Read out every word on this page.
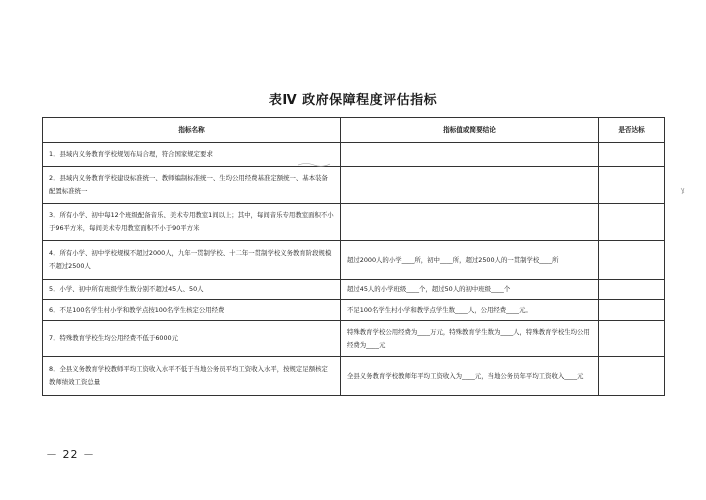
表Ⅳ 政府保障程度评估指标
指标名称	指标值或简要结论	是否达标
1．县域内义务教育学校规划布局合理，符合国家规定要求		
2．县域内义务教育学校建设标准统一、教师编制标准统一、生均公用经费基准定额统一、基本装备配置标准统一		
3．所有小学、初中每12个班级配备音乐、美术专用教室1间以上；其中，每间音乐专用教室面积不小于96平方米，每间美术专用教室面积不小于90平方米		
4．所有小学、初中学校规模不超过2000人，九年一贯制学校、十二年一贯制学校义务教育阶段规模不超过2500人	超过2000人的小学____所，初中____所，超过2500人的一贯制学校____所	
5．小学、初中所有班级学生数分别不超过45人、50人	超过45人的小学班级____个，超过50人的初中班级____个	
6．不足100名学生村小学和教学点按100名学生核定公用经费	不足100名学生村小学和教学点学生数____人，公用经费____元。	
7．特殊教育学校生均公用经费不低于6000元	特殊教育学校公用经费为____万元，特殊教育学生数为____人，特殊教育学校生均公用经费为____元	
8．全县义务教育学校教师平均工资收入水平不低于当地公务员平均工资收入水平，按规定足额核定教师绩效工资总量	全县义务教育学校教师年平均工资收入为____元，当地公务员年平均工资收入____元	
－ 22 －
